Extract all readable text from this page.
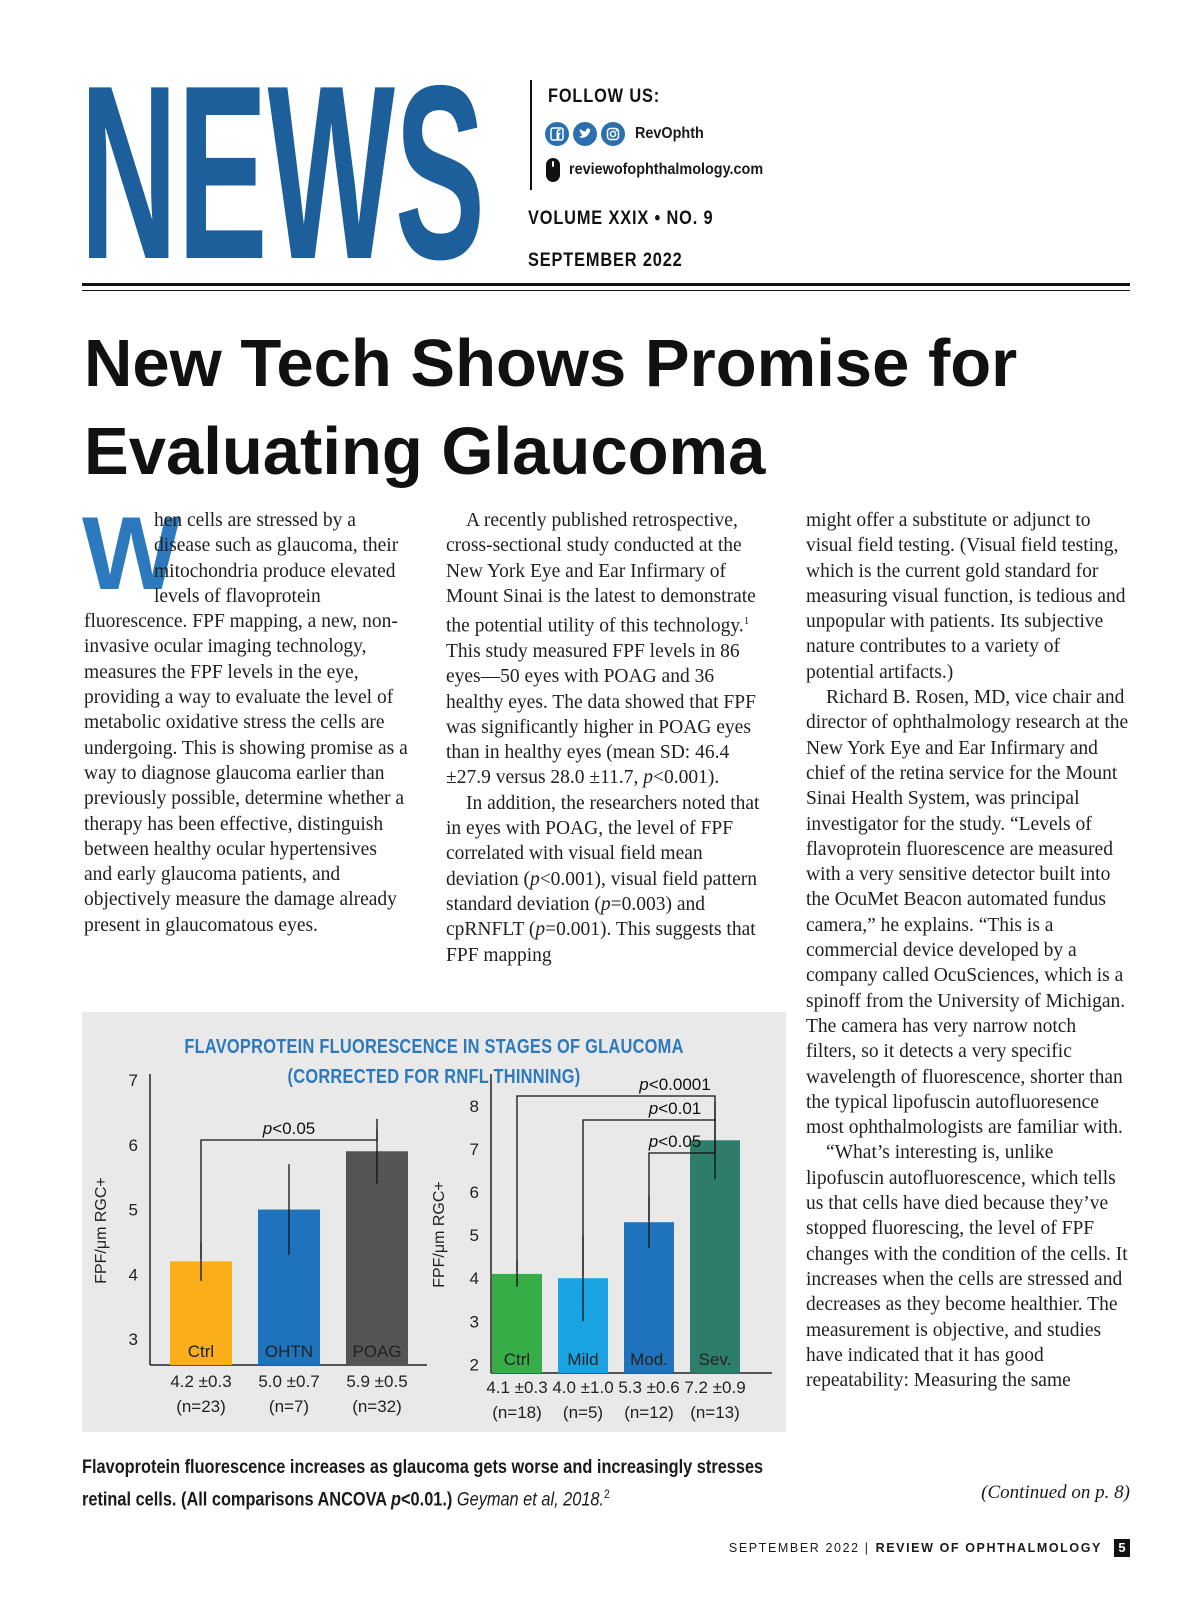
NEWS	FOLLOW US:
RevOphth
reviewofophthalmology.com
VOLUME XXIX • NO. 9
SEPTEMBER 2022
New Tech Shows Promise for
Evaluating Glaucoma
W

hen cells are stressed by a disease such as glaucoma, their mitochondria produce elevated levels of flavoprotein fluorescence. FPF mapping, a new, non-invasive ocular imaging technology, measures the FPF levels in the eye, providing a way to evaluate the level of metabolic oxidative stress the cells are undergoing. This is showing promise as a way to diagnose glaucoma earlier than previously possible, determine whether a therapy has been effective, distinguish between healthy ocular hypertensives and early glaucoma patients, and objectively measure the damage already present in glaucomatous eyes.

A recently published retrospective, cross-sectional study conducted at the New York Eye and Ear Infirmary of Mount Sinai is the latest to demonstrate the potential utility of this technology.$^1$ This study measured FPF levels in 86 eyes—50 eyes with POAG and 36 healthy eyes. The data showed that FPF was significantly higher in POAG eyes than in healthy eyes (mean SD: 46.4 ±27.9 versus 28.0 ±11.7, p<0.001).

In addition, the researchers noted that in eyes with POAG, the level of FPF correlated with visual field mean deviation (p<0.001), visual field pattern standard deviation (p=0.003) and cpRNFLT (p=0.001). This suggests that FPF mapping

might offer a substitute or adjunct to visual field testing. (Visual field testing, which is the current gold standard for measuring visual function, is tedious and unpopular with patients. Its subjective nature contributes to a variety of potential artifacts.)

Richard B. Rosen, MD, vice chair and director of ophthalmology research at the New York Eye and Ear Infirmary and chief of the retina service for the Mount Sinai Health System, was principal investigator for the study. “Levels of flavoprotein fluorescence are measured with a very sensitive detector built into the OcuMet Beacon automated fundus camera,” he explains. “This is a commercial device developed by a company called OcuSciences, which is a spinoff from the University of Michigan. The camera has very narrow notch filters, so it detects a very specific wavelength of fluorescence, shorter than the typical lipofuscin autofluoresence most ophthalmologists are familiar with.

“What’s interesting is, unlike lipofuscin autofluorescence, which tells us that cells have died because they’ve stopped fluorescing, the level of FPF changes with the condition of the cells. It increases when the cells are stressed and decreases as they become healthier. The measurement is objective, and studies have indicated that it has good repeatability: Measuring the same

(Continued on p. 8)
FLAVOPROTEIN FLUORESCENCE IN STAGES OF GLAUCOMA
(CORRECTED FOR RNFL THINNING)
3
4
5
6
7
FPF/μm RGC+
Ctrl
4.2 ±0.3
(n=23)
OHTN
5.0 ±0.7
(n=7)
POAG
5.9 ±0.5
(n=32)
p<0.05
2
3
4
5
6
7
8
FPF/μm RGC+
Ctrl
4.1 ±0.3
(n=18)
Mild
4.0 ±1.0
(n=5)
Mod.
5.3 ±0.6
(n=12)
Sev.
7.2 ±0.9
(n=13)
p<0.0001
p<0.01
p<0.05
Flavoprotein fluorescence increases as glaucoma gets worse and increasingly stresses retinal cells. (All comparisons ANCOVA p<0.01.) Geyman et al, 2018.$^2$
SEPTEMBER 2022 | REVIEW OF OPHTHALMOLOGY	5
